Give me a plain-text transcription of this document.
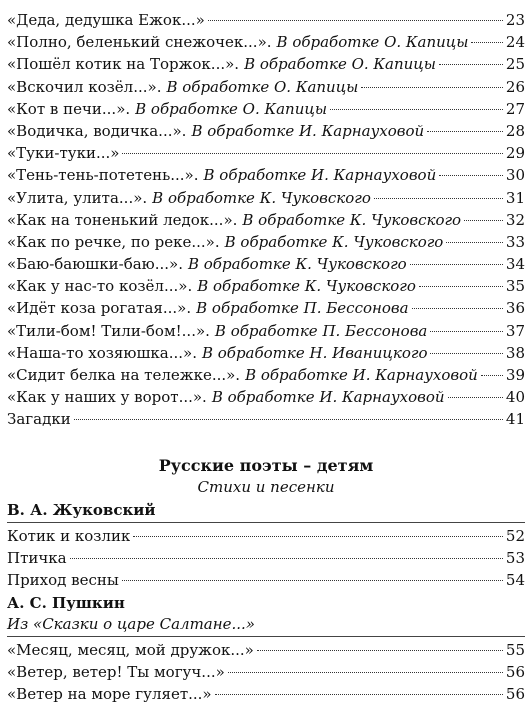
«Деда, дедушка Ежок...»	23
«Полно, беленький снежочек...». В обработке О. Капицы 24
«Пошёл котик на Торжок...». В обработке О. Капицы	25
«Вскочил козёл...». В обработке О. Капицы	26
«Кот в печи...». В обработке О. Капицы	27
«Водичка, водичка...». В обработке И. Карнауховой	28
«Туки-туки...»	29
«Тень-тень-потетень...». В обработке И. Карнауховой	30
«Улита, улита...». В обработке К. Чуковского	31
«Как на тоненький ледок...». В обработке К. Чуковского	32
«Как по речке, по реке...». В обработке К. Чуковского	33
«Баю-баюшки-баю...». В обработке К. Чуковского	34
«Как у нас-то козёл...». В обработке К. Чуковского	35
«Идёт коза рогатая...». В обработке П. Бессонова	36
«Тили-бом! Тили-бом!...». В обработке П. Бессонова	37
«Наша-то хозяюшка...». В обработке Н. Иваницкого	38
«Сидит белка на тележке...». В обработке И. Карнауховой 39
«Как у наших у ворот...». В обработке И. Карнауховой	40
Загадки	41
Русские поэты – детям
Стихи и песенки
В. А. Жуковский
Котик и козлик	52
Птичка	53
Приход весны	54
А. С. Пушкин
Из «Сказки о царе Салтане...»
«Месяц, месяц, мой дружок...»	55
«Ветер, ветер! Ты могуч...»	56
«Ветер на море гуляет...»	56
